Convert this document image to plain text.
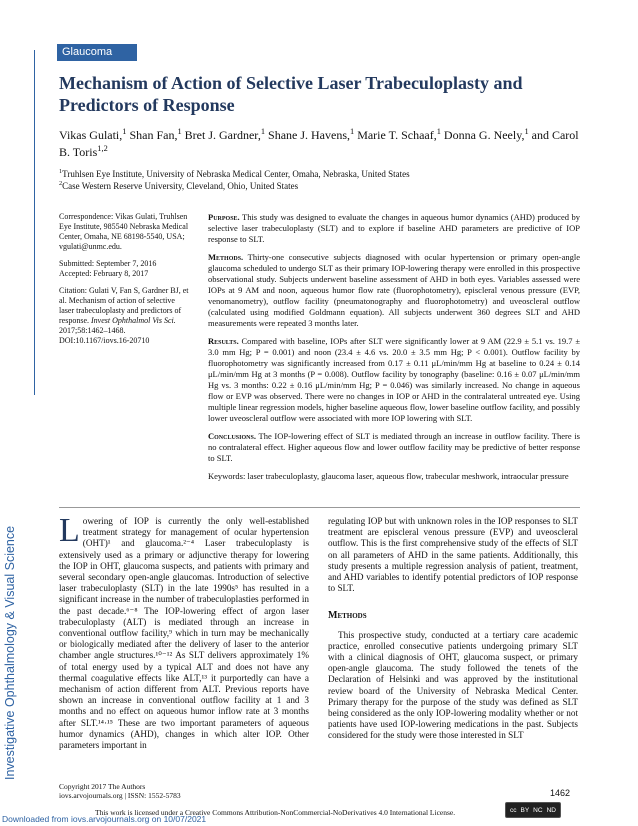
Glaucoma
Investigative Ophthalmology & Visual Science
Mechanism of Action of Selective Laser Trabeculoplasty and Predictors of Response
Vikas Gulati,$^1$ Shan Fan,$^1$ Bret J. Gardner,$^1$ Shane J. Havens,$^1$ Marie T. Schaaf,$^1$ Donna G. Neely,$^1$ and Carol B. Toris$^{1,2}$
$^1$Truhlsen Eye Institute, University of Nebraska Medical Center, Omaha, Nebraska, United States
$^2$Case Western Reserve University, Cleveland, Ohio, United States

Correspondence: Vikas Gulati, Truhlsen Eye Institute, 985540 Nebraska Medical Center, Omaha, NE 68198-5540, USA; vgulati@unmc.edu.

Submitted: September 7, 2016
Accepted: February 8, 2017

Citation: Gulati V, Fan S, Gardner BJ, et al. Mechanism of action of selective laser trabeculoplasty and predictors of response. Invest Ophthalmol Vis Sci. 2017;58:1462–1468. DOI:10.1167/iovs.16-20710

Purpose. This study was designed to evaluate the changes in aqueous humor dynamics (AHD) produced by selective laser trabeculoplasty (SLT) and to explore if baseline AHD parameters are predictive of IOP response to SLT.

Methods. Thirty-one consecutive subjects diagnosed with ocular hypertension or primary open-angle glaucoma scheduled to undergo SLT as their primary IOP-lowering therapy were enrolled in this prospective observational study. Subjects underwent baseline assessment of AHD in both eyes. Variables assessed were IOPs at 9 AM and noon, aqueous humor flow rate (fluorophotometry), episcleral venous pressure (EVP, venomanometry), outflow facility (pneumatonography and fluorophotometry) and uveoscleral outflow (calculated using modified Goldmann equation). All subjects underwent 360 degrees SLT and AHD measurements were repeated 3 months later.

Results. Compared with baseline, IOPs after SLT were significantly lower at 9 AM (22.9 ± 5.1 vs. 19.7 ± 3.0 mm Hg; P = 0.001) and noon (23.4 ± 4.6 vs. 20.0 ± 3.5 mm Hg; P < 0.001). Outflow facility by fluorophotometry was significantly increased from 0.17 ± 0.11 μL/min/mm Hg at baseline to 0.24 ± 0.14 μL/min/mm Hg at 3 months (P = 0.008). Outflow facility by tonography (baseline: 0.16 ± 0.07 μL/min/mm Hg vs. 3 months: 0.22 ± 0.16 μL/min/mm Hg; P = 0.046) was similarly increased. No change in aqueous flow or EVP was observed. There were no changes in IOP or AHD in the contralateral untreated eye. Using multiple linear regression models, higher baseline aqueous flow, lower baseline outflow facility, and possibly lower uveoscleral outflow were associated with more IOP lowering with SLT.

Conclusions. The IOP-lowering effect of SLT is mediated through an increase in outflow facility. There is no contralateral effect. Higher aqueous flow and lower outflow facility may be predictive of better response to SLT.

Keywords: laser trabeculoplasty, glaucoma laser, aqueous flow, trabecular meshwork, intraocular pressure

Lowering of IOP is currently the only well-established treatment strategy for management of ocular hypertension (OHT)¹ and glaucoma.²⁻⁴ Laser trabeculoplasty is extensively used as a primary or adjunctive therapy for lowering the IOP in OHT, glaucoma suspects, and patients with primary and several secondary open-angle glaucomas. Introduction of selective laser trabeculoplasty (SLT) in the late 1990s⁵ has resulted in a significant increase in the number of trabeculoplasties performed in the past decade.⁶⁻⁸ The IOP-lowering effect of argon laser trabeculoplasty (ALT) is mediated through an increase in conventional outflow facility,⁹ which in turn may be mechanically or biologically mediated after the delivery of laser to the anterior chamber angle structures.¹⁰⁻¹² As SLT delivers approximately 1% of total energy used by a typical ALT and does not have any thermal coagulative effects like ALT,¹³ it purportedly can have a mechanism of action different from ALT. Previous reports have shown an increase in conventional outflow facility at 1 and 3 months and no effect on aqueous humor inflow rate at 3 months after SLT.¹⁴·¹⁵ These are two important parameters of aqueous humor dynamics (AHD), changes in which alter IOP. Other parameters important in

regulating IOP but with unknown roles in the IOP responses to SLT treatment are episcleral venous pressure (EVP) and uveoscleral outflow. This is the first comprehensive study of the effects of SLT on all parameters of AHD in the same patients. Additionally, this study presents a multiple regression analysis of patient, treatment, and AHD variables to identify potential predictors of IOP response to SLT.

Methods

This prospective study, conducted at a tertiary care academic practice, enrolled consecutive patients undergoing primary SLT with a clinical diagnosis of OHT, glaucoma suspect, or primary open-angle glaucoma. The study followed the tenets of the Declaration of Helsinki and was approved by the institutional review board of the University of Nebraska Medical Center. Primary therapy for the purpose of the study was defined as SLT being considered as the only IOP-lowering modality whether or not patients have used IOP-lowering medications in the past. Subjects considered for the study were those interested in SLT

Copyright 2017 The Authors
iovs.arvojournals.org | ISSN: 1552-5783	1462
This work is licensed under a Creative Commons Attribution-NonCommercial-NoDerivatives 4.0 International License.	cc BY NC ND
Downloaded from iovs.arvojournals.org on 10/07/2021
